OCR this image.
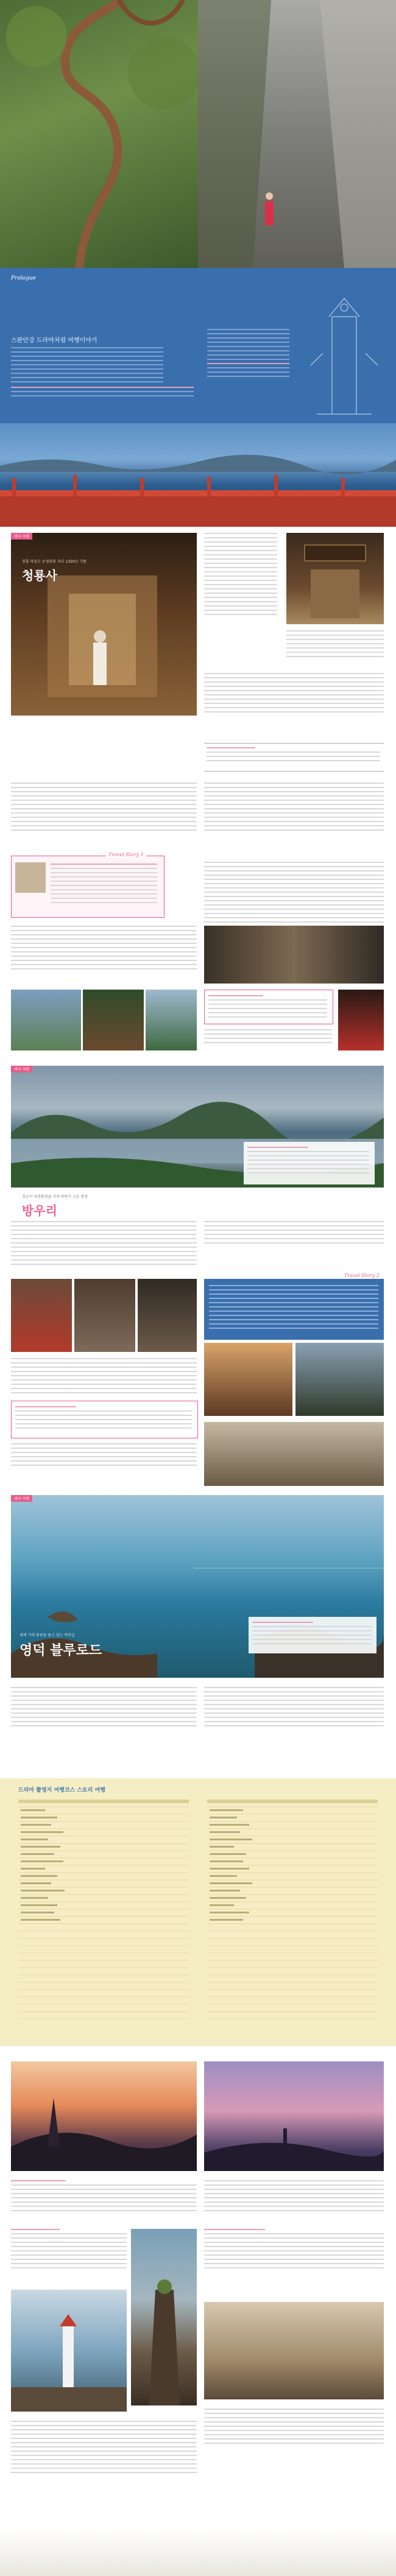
Prologue
스완안강 드라마처럼 여행이야기
테마 여행
천룡 마음도 운영위원 지나 1350년 기품
청룡사
Travel Story 1
테마 여행
장군이 자연환경을 거쳐 바닷가 고운 풍경
방우리
Travel Story 2
테마 여행
세계 거대 풍광을 품고 있는 바닷길
영덕 블루로드
드라마 촬영지 여행코스 스토리 여행
